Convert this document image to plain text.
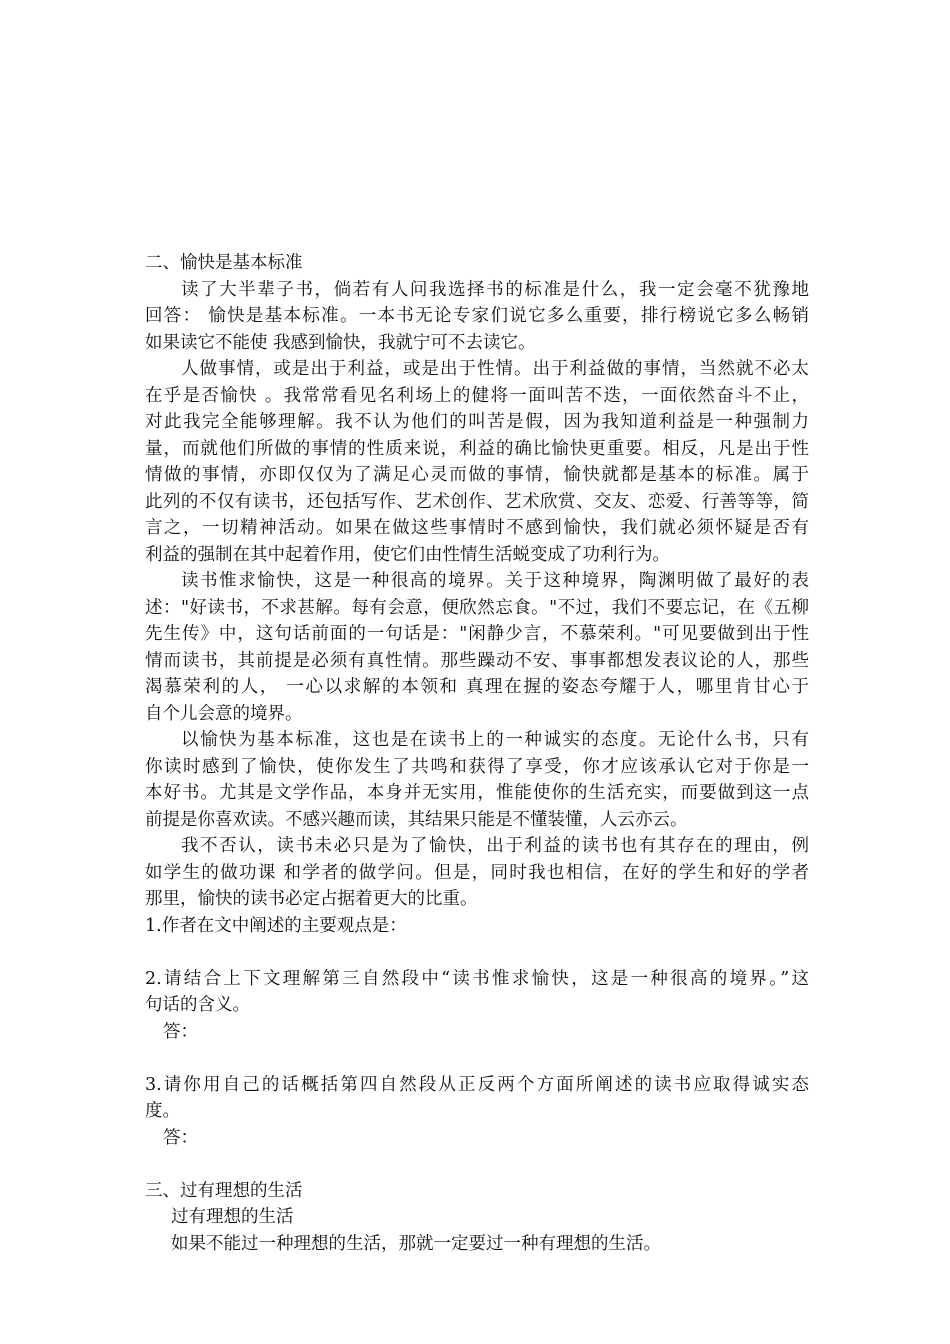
二、愉快是基本标准
读了大半辈子书，倘若有人问我选择书的标准是什么，我一定会毫不犹豫地
回答： 愉快是基本标准。一本书无论专家们说它多么重要，排行榜说它多么畅销
如果读它不能使 我感到愉快，我就宁可不去读它。
人做事情，或是出于利益，或是出于性情。出于利益做的事情，当然就不必太
在乎是否愉快 。我常常看见名利场上的健将一面叫苦不迭，一面依然奋斗不止，
对此我完全能够理解。我不认为他们的叫苦是假，因为我知道利益是一种强制力
量，而就他们所做的事情的性质来说，利益的确比愉快更重要。相反，凡是出于性
情做的事情，亦即仅仅为了满足心灵而做的事情，愉快就都是基本的标准。属于
此列的不仅有读书，还包括写作、艺术创作、艺术欣赏、交友、恋爱、行善等等，简
言之，一切精神活动。如果在做这些事情时不感到愉快，我们就必须怀疑是否有
利益的强制在其中起着作用，使它们由性情生活蜕变成了功利行为。
读书惟求愉快，这是一种很高的境界。关于这种境界，陶渊明做了最好的表
述："好读书，不求甚解。每有会意，便欣然忘食。"不过，我们不要忘记，在《五柳
先生传》中，这句话前面的一句话是："闲静少言，不慕荣利。"可见要做到出于性
情而读书，其前提是必须有真性情。那些躁动不安、事事都想发表议论的人，那些
渴慕荣利的人， 一心以求解的本领和 真理在握的姿态夸耀于人，哪里肯甘心于
自个儿会意的境界。
以愉快为基本标准，这也是在读书上的一种诚实的态度。无论什么书，只有
你读时感到了愉快，使你发生了共鸣和获得了享受，你才应该承认它对于你是一
本好书。尤其是文学作品，本身并无实用，惟能使你的生活充实，而要做到这一点
前提是你喜欢读。不感兴趣而读，其结果只能是不懂装懂，人云亦云。
我不否认，读书未必只是为了愉快，出于利益的读书也有其存在的理由，例
如学生的做功课 和学者的做学问。但是，同时我也相信，在好的学生和好的学者
那里，愉快的读书必定占据着更大的比重。
1.作者在文中阐述的主要观点是：
2.请结合上下文理解第三自然段中“读书惟求愉快，这是一种很高的境界。”这
句话的含义。
答：
3.请你用自己的话概括第四自然段从正反两个方面所阐述的读书应取得诚实态
度。
答：
三、过有理想的生活
过有理想的生活
如果不能过一种理想的生活，那就一定要过一种有理想的生活。
